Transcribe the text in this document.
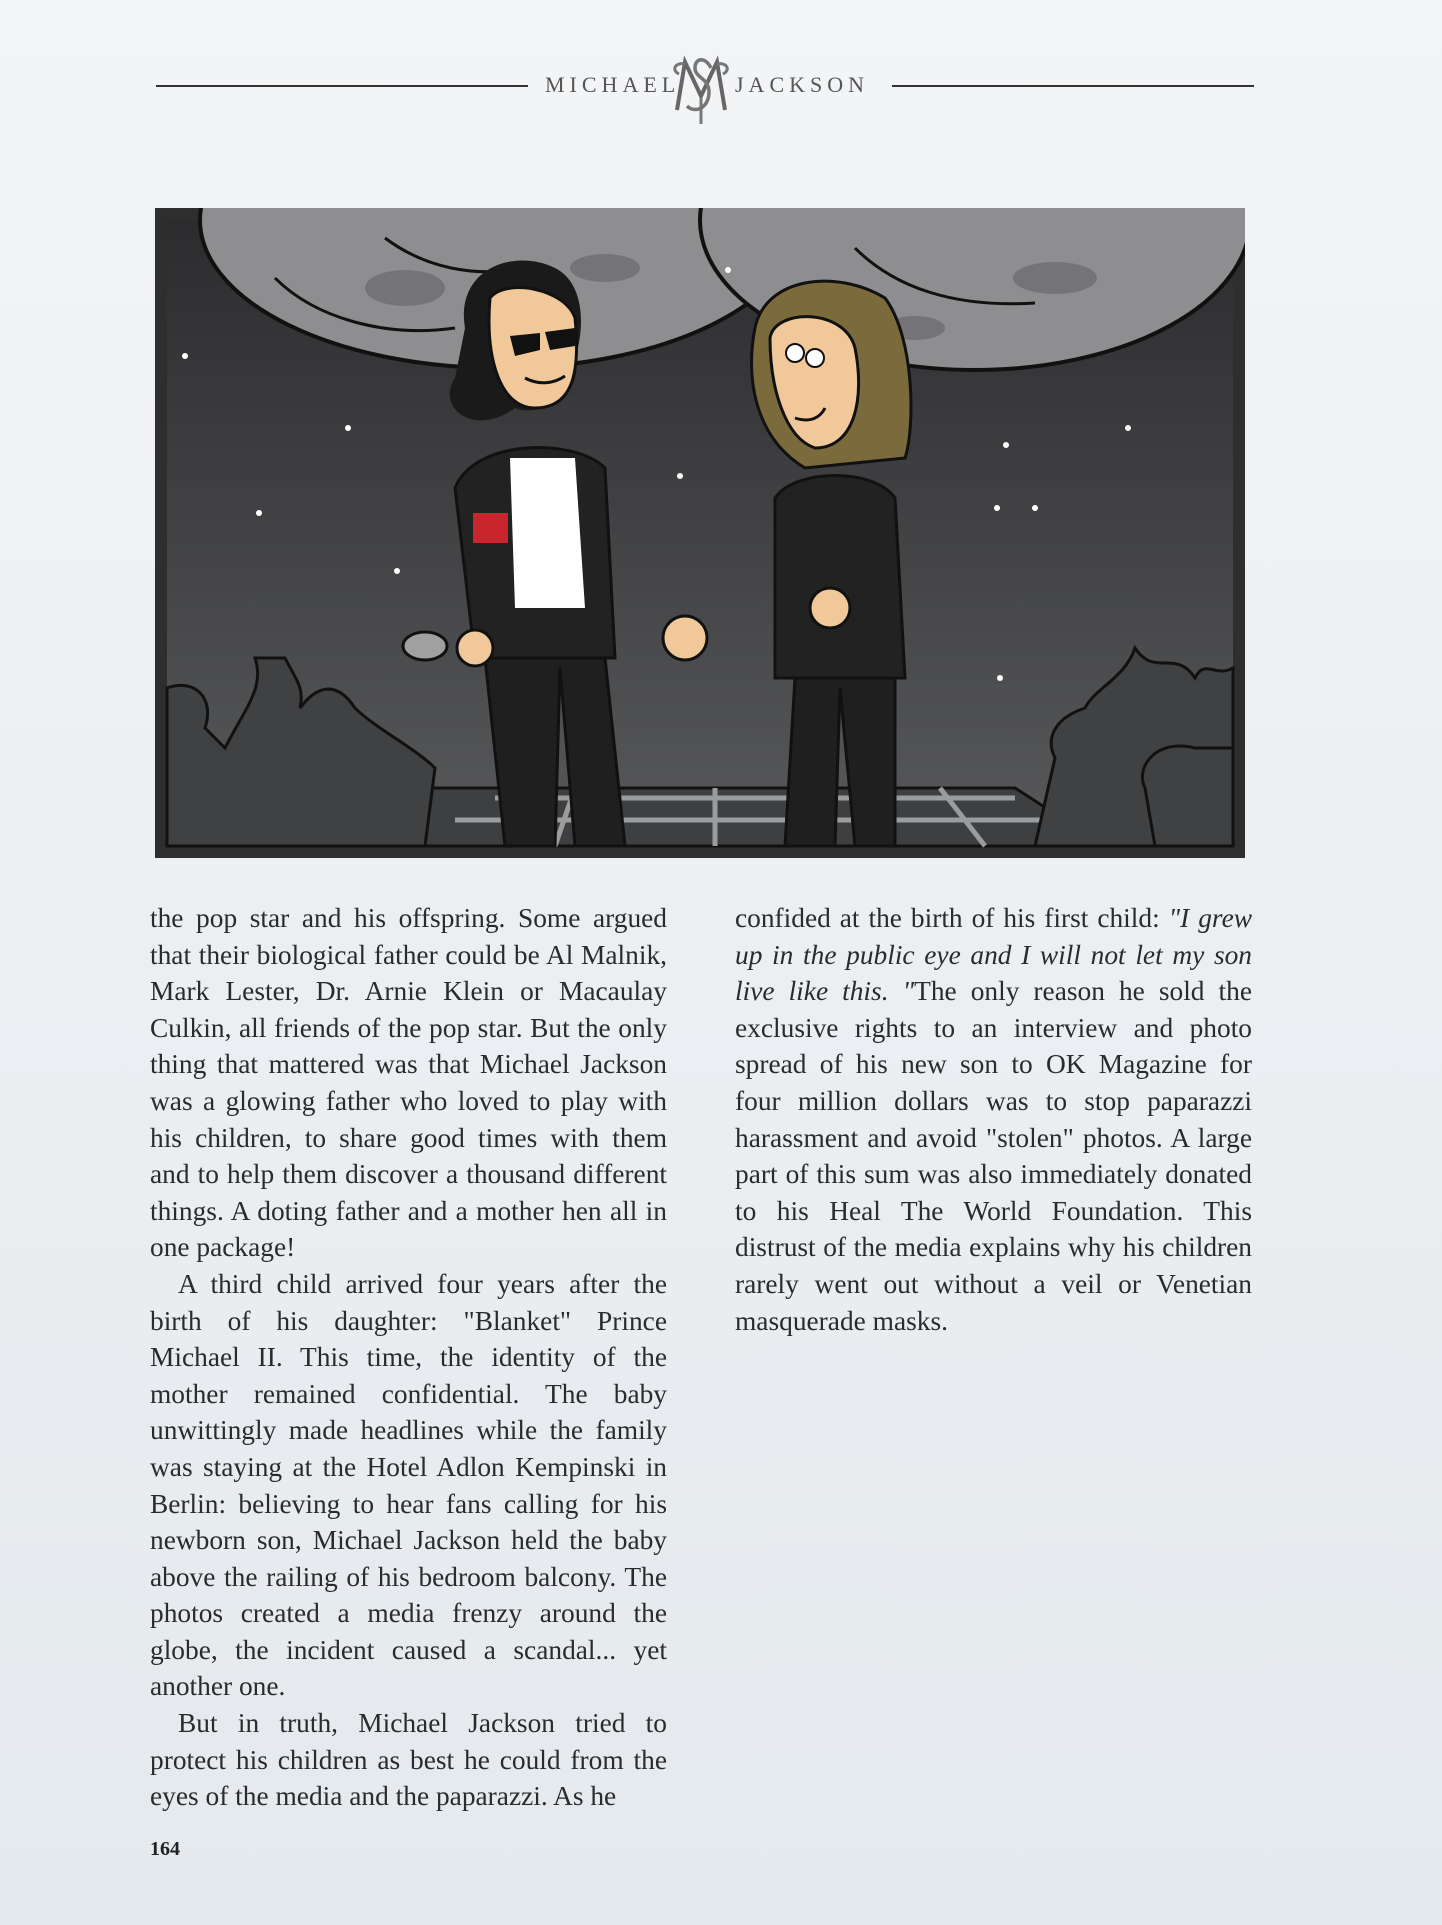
MICHAEL JACKSON

the pop star and his offspring. Some argued that their biological father could be Al Malnik, Mark Lester, Dr. Arnie Klein or Macaulay Culkin, all friends of the pop star. But the only thing that mattered was that Michael Jackson was a glowing father who loved to play with his children, to share good times with them and to help them discover a thousand different things. A doting father and a mother hen all in one package!

A third child arrived four years after the birth of his daughter: "Blanket" Prince Michael II. This time, the identity of the mother remained confidential. The baby unwittingly made headlines while the family was staying at the Hotel Adlon Kempinski in Berlin: believing to hear fans calling for his newborn son, Michael Jackson held the baby above the railing of his bedroom balcony. The photos created a media frenzy around the globe, the incident caused a scandal... yet another one.

But in truth, Michael Jackson tried to protect his children as best he could from the eyes of the media and the paparazzi. As he

confided at the birth of his first child: "I grew up in the public eye and I will not let my son live like this. "The only reason he sold the exclusive rights to an interview and photo spread of his new son to OK Magazine for four million dollars was to stop paparazzi harassment and avoid "stolen" photos. A large part of this sum was also immediately donated to his Heal The World Foundation. This distrust of the media explains why his children rarely went out without a veil or Venetian masquerade masks.

164
